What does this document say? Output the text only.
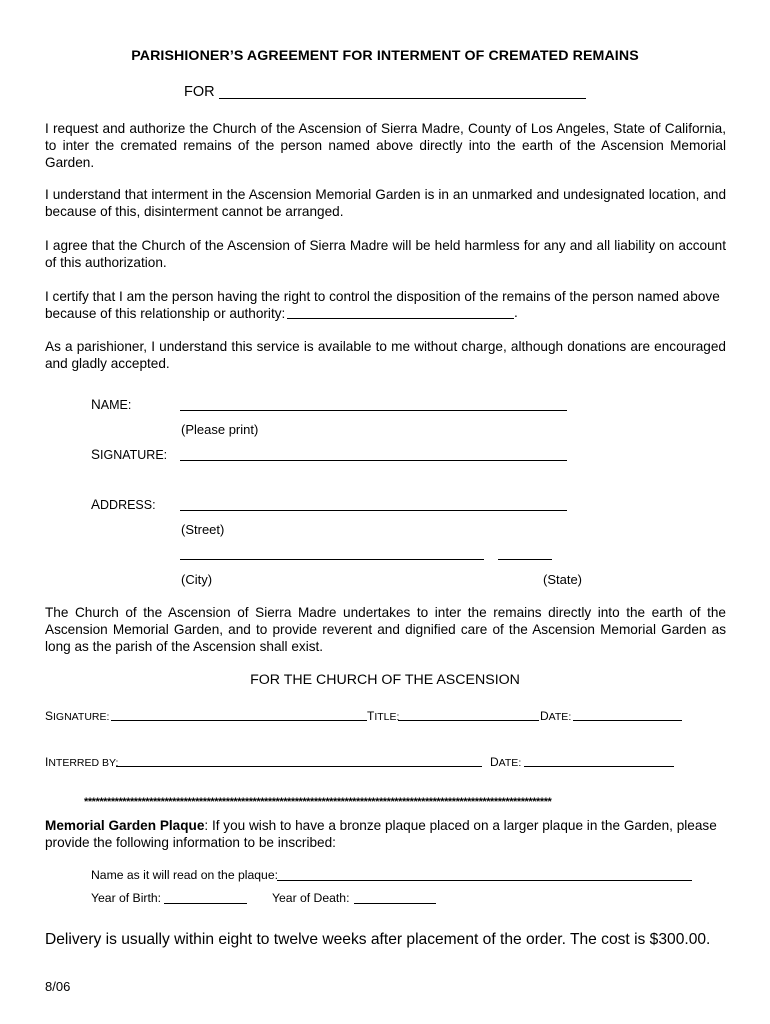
PARISHIONER’S AGREEMENT FOR INTERMENT OF CREMATED REMAINS
FOR
I request and authorize the Church of the Ascension of Sierra Madre, County of Los Angeles, State of California, to inter the cremated remains of the person named above directly into the earth of the Ascension Memorial Garden.
I understand that interment in the Ascension Memorial Garden is in an unmarked and undesignated location, and because of this, disinterment cannot be arranged.
I agree that the Church of the Ascension of Sierra Madre will be held harmless for any and all liability on account of this authorization.
I certify that I am the person having the right to control the disposition of the remains of the person named above
because of this relationship or authority:	.
As a parishioner, I understand this service is available to me without charge, although donations are encouraged and gladly accepted.
NAME:
(Please print)
SIGNATURE:
ADDRESS:
(Street)
(City)	(State)
The Church of the Ascension of Sierra Madre undertakes to inter the remains directly into the earth of the Ascension Memorial Garden, and to provide reverent and dignified care of the Ascension Memorial Garden as long as the parish of the Ascension shall exist.
FOR THE CHURCH OF THE ASCENSION
SIGNATURE:	TITLE:	DATE:
INTERRED BY:	DATE:
**************************************************************************************************************************
Memorial Garden Plaque: If you wish to have a bronze plaque placed on a larger plaque in the Garden, please
provide the following information to be inscribed:
Name as it will read on the plaque:
Year of Birth:	Year of Death:
Delivery is usually within eight to twelve weeks after placement of the order. The cost is $300.00.
8/06
